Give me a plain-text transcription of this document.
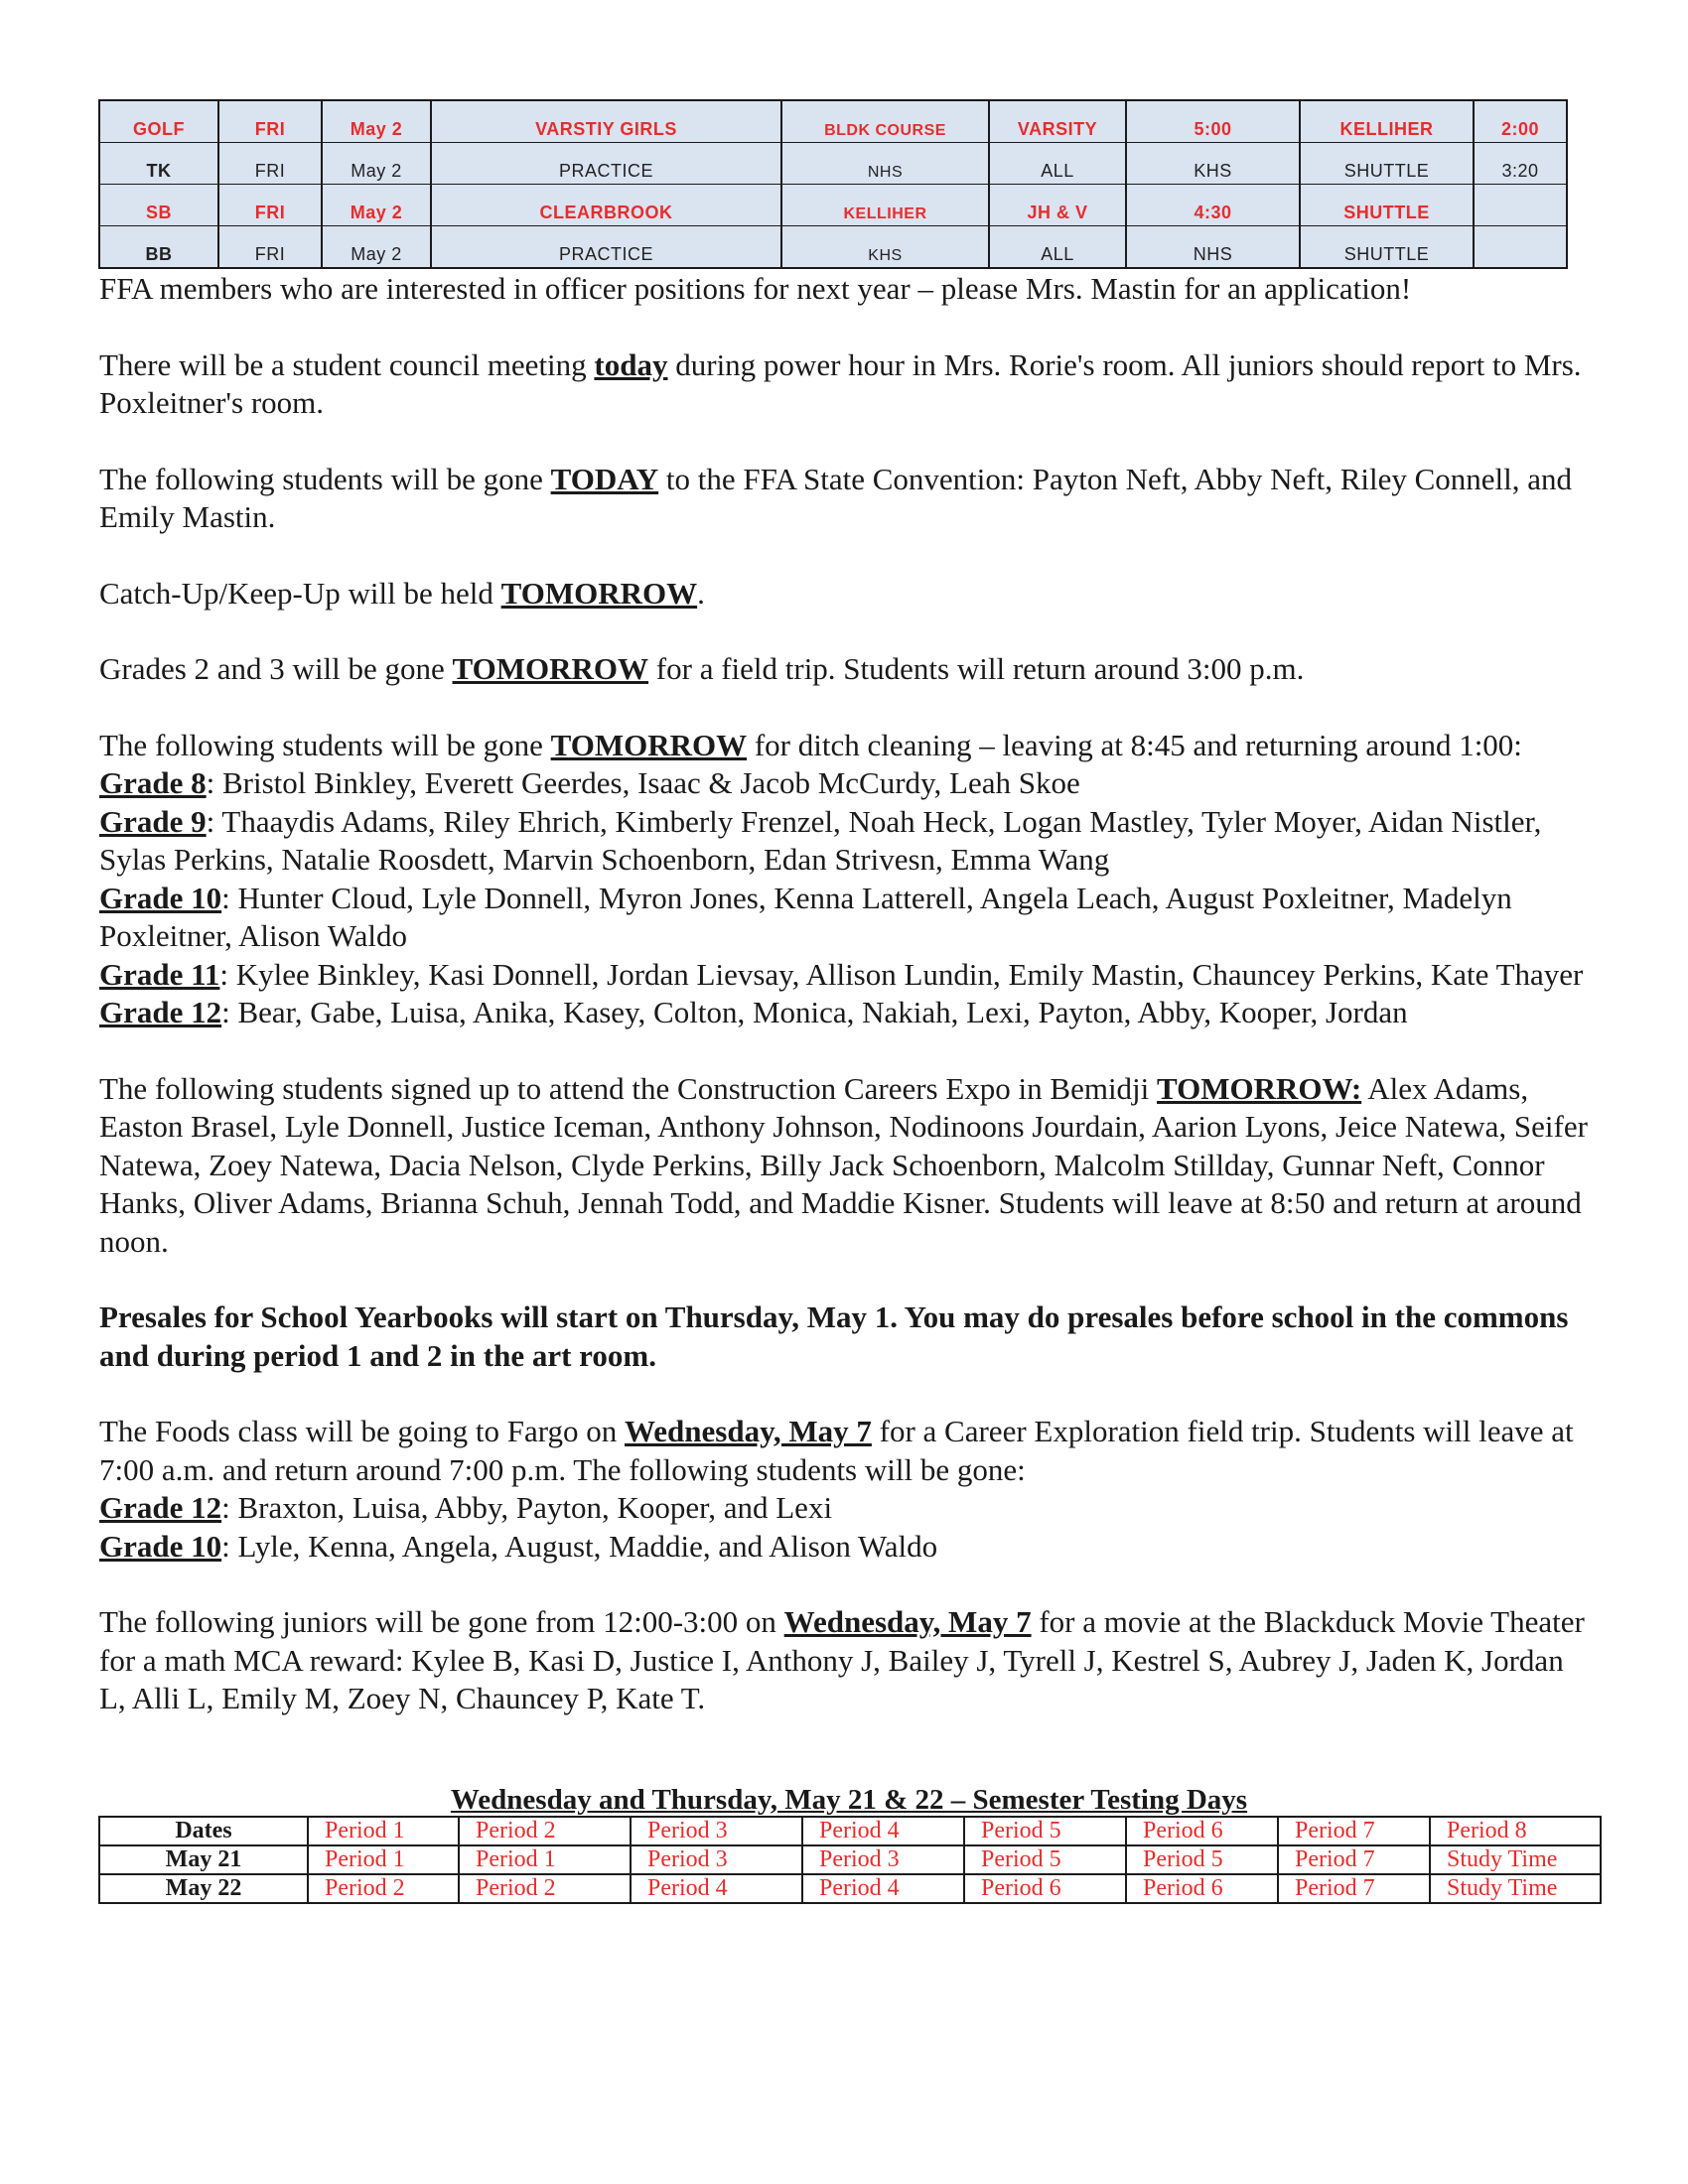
GOLF	FRI	May 2	VARSTIY GIRLS	BLDK COURSE	VARSITY	5:00	KELLIHER	2:00
TK	FRI	May 2	PRACTICE	NHS	ALL	KHS	SHUTTLE	3:20
SB	FRI	May 2	CLEARBROOK	KELLIHER	JH & V	4:30	SHUTTLE	
BB	FRI	May 2	PRACTICE	KHS	ALL	NHS	SHUTTLE	

FFA members who are interested in officer positions for next year – please Mrs. Mastin for an application!

There will be a student council meeting today during power hour in Mrs. Rorie's room. All juniors should report to Mrs. Poxleitner's room.

The following students will be gone TODAY to the FFA State Convention: Payton Neft, Abby Neft, Riley Connell, and Emily Mastin.

Catch-Up/Keep-Up will be held TOMORROW.

Grades 2 and 3 will be gone TOMORROW for a field trip. Students will return around 3:00 p.m.

The following students will be gone TOMORROW for ditch cleaning – leaving at 8:45 and returning around 1:00: Grade 8: Bristol Binkley, Everett Geerdes, Isaac & Jacob McCurdy, Leah Skoe
Grade 9: Thaaydis Adams, Riley Ehrich, Kimberly Frenzel, Noah Heck, Logan Mastley, Tyler Moyer, Aidan Nistler, Sylas Perkins, Natalie Roosdett, Marvin Schoenborn, Edan Strivesn, Emma Wang
Grade 10: Hunter Cloud, Lyle Donnell, Myron Jones, Kenna Latterell, Angela Leach, August Poxleitner, Madelyn Poxleitner, Alison Waldo
Grade 11: Kylee Binkley, Kasi Donnell, Jordan Lievsay, Allison Lundin, Emily Mastin, Chauncey Perkins, Kate Thayer
Grade 12: Bear, Gabe, Luisa, Anika, Kasey, Colton, Monica, Nakiah, Lexi, Payton, Abby, Kooper, Jordan

The following students signed up to attend the Construction Careers Expo in Bemidji TOMORROW: Alex Adams, Easton Brasel, Lyle Donnell, Justice Iceman, Anthony Johnson, Nodinoons Jourdain, Aarion Lyons, Jeice Natewa, Seifer Natewa, Zoey Natewa, Dacia Nelson, Clyde Perkins, Billy Jack Schoenborn, Malcolm Stillday, Gunnar Neft, Connor Hanks, Oliver Adams, Brianna Schuh, Jennah Todd, and Maddie Kisner. Students will leave at 8:50 and return at around noon.

Presales for School Yearbooks will start on Thursday, May 1. You may do presales before school in the commons and during period 1 and 2 in the art room.

The Foods class will be going to Fargo on Wednesday, May 7 for a Career Exploration field trip. Students will leave at 7:00 a.m. and return around 7:00 p.m. The following students will be gone:
Grade 12: Braxton, Luisa, Abby, Payton, Kooper, and Lexi
Grade 10: Lyle, Kenna, Angela, August, Maddie, and Alison Waldo

The following juniors will be gone from 12:00-3:00 on Wednesday, May 7 for a movie at the Blackduck Movie Theater for a math MCA reward: Kylee B, Kasi D, Justice I, Anthony J, Bailey J, Tyrell J, Kestrel S, Aubrey J, Jaden K, Jordan L, Alli L, Emily M, Zoey N, Chauncey P, Kate T.

Wednesday and Thursday, May 21 & 22 – Semester Testing Days
Dates	Period 1	Period 2	Period 3	Period 4	Period 5	Period 6	Period 7	Period 8
May 21	Period 1	Period 1	Period 3	Period 3	Period 5	Period 5	Period 7	Study Time
May 22	Period 2	Period 2	Period 4	Period 4	Period 6	Period 6	Period 7	Study Time
